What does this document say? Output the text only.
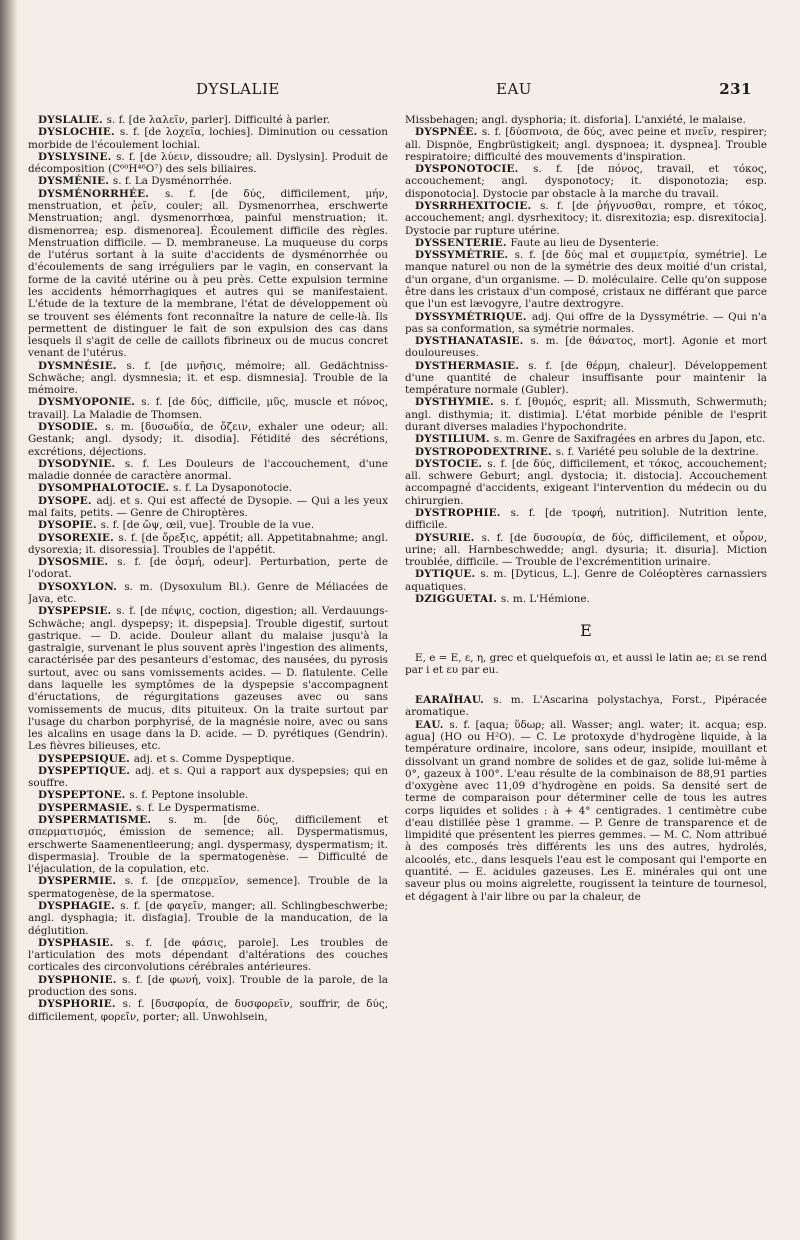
DYSLALIE	EAU	231

DYSLALIE. s. f. [de λαλεῖν, parler]. Difficulté à parler.

DYSLOCHIE. s. f. [de λοχεῖα, lochies]. Diminution ou cessation morbide de l'écoulement lochial.

DYSLYSINE. s. f. [de λύειν, dissoudre; all. Dyslysin]. Produit de décomposition (C⁶⁰H⁴⁶O⁷) des sels biliaires.

DYSMÉNIE. s. f. La Dysménorrhée.

DYSMÉNORRHÉE. s. f. [de δύς, difficilement, μήν, menstruation, et ῥεῖν, couler; all. Dysmenorrhea, erschwerte Menstruation; angl. dysmenorrhœa, painful menstruation; it. dismenorrea; esp. dismenorea]. Écoulement difficile des règles. Menstruation difficile. — D. membraneuse. La muqueuse du corps de l'utérus sortant à la suite d'accidents de dysménorrhée ou d'écoulements de sang irréguliers par le vagin, en conservant la forme de la cavité utérine ou à peu près. Cette expulsion termine les accidents hémorrhagiques et autres qui se manifestaient. L'étude de la texture de la membrane, l'état de développement où se trouvent ses éléments font reconnaître la nature de celle-là. Ils permettent de distinguer le fait de son expulsion des cas dans lesquels il s'agit de celle de caillots fibrineux ou de mucus concret venant de l'utérus.

DYSMNÉSIE. s. f. [de μνῆσις, mémoire; all. Gedächtniss-Schwäche; angl. dysmnesia; it. et esp. dismnesia]. Trouble de la mémoire.

DYSMYOPONIE. s. f. [de δύς, difficile, μῦς, muscle et πόνος, travail]. La Maladie de Thomsen.

DYSODIE. s. m. [δυσωδία, de ὄζειν, exhaler une odeur; all. Gestank; angl. dysody; it. disodia]. Fétidité des sécrétions, excrétions, déjections.

DYSODYNIE. s. f. Les Douleurs de l'accouchement, d'une maladie donnée de caractère anormal.

DYSOMPHALOTOCIE. s. f. La Dysaponotocie.

DYSOPE. adj. et s. Qui est affecté de Dysopie. — Qui a les yeux mal faits, petits. — Genre de Chiroptères.

DYSOPIE. s. f. [de ὤψ, œil, vue]. Trouble de la vue.

DYSOREXIE. s. f. [de ὄρεξις, appétit; all. Appetitabnahme; angl. dysorexia; it. disoressia]. Troubles de l'appétit.

DYSOSMIE. s. f. [de ὀσμή, odeur]. Perturbation, perte de l'odorat.

DYSOXYLON. s. m. (Dysoxulum Bl.). Genre de Méliacées de Java, etc.

DYSPEPSIE. s. f. [de πέψις, coction, digestion; all. Verdauungs-Schwäche; angl. dyspepsy; it. dispepsia]. Trouble digestif, surtout gastrique. — D. acide. Douleur allant du malaise jusqu'à la gastralgie, survenant le plus souvent après l'ingestion des aliments, caractérisée par des pesanteurs d'estomac, des nausées, du pyrosis surtout, avec ou sans vomissements acides. — D. flatulente. Celle dans laquelle les symptômes de la dyspepsie s'accompagnent d'éructations, de régurgitations gazeuses avec ou sans vomissements de mucus, dits pituiteux. On la traite surtout par l'usage du charbon porphyrisé, de la magnésie noire, avec ou sans les alcalins en usage dans la D. acide. — D. pyrétiques (Gendrin). Les fièvres bilieuses, etc.

DYSPEPSIQUE. adj. et s. Comme Dyspeptique.

DYSPEPTIQUE. adj. et s. Qui a rapport aux dyspepsies; qui en souffre.

DYSPEPTONE. s. f. Peptone insoluble.

DYSPERMASIE. s. f. Le Dyspermatisme.

DYSPERMATISME. s. m. [de δύς, difficilement et σπερματισμός, émission de semence; all. Dyspermatismus, erschwerte Saamenentleerung; angl. dyspermasy, dyspermatism; it. dispermasia]. Trouble de la spermatogenèse. — Difficulté de l'éjaculation, de la copulation, etc.

DYSPERMIE. s. f. [de σπερμεῖον, semence]. Trouble de la spermatogenèse, de la spermatose.

DYSPHAGIE. s. f. [de φαγεῖν, manger; all. Schlingbeschwerbe; angl. dysphagia; it. disfagia]. Trouble de la manducation, de la déglutition.

DYSPHASIE. s. f. [de φάσις, parole]. Les troubles de l'articulation des mots dépendant d'altérations des couches corticales des circonvolutions cérébrales antérieures.

DYSPHONIE. s. f. [de φωνή, voix]. Trouble de la parole, de la production des sons.

DYSPHORIE. s. f. [δυσφορία, de δυσφορεῖν, souffrir, de δύς, difficilement, φορεῖν, porter; all. Unwohlsein,

Missbehagen; angl. dysphoria; it. disforia]. L'anxiété, le malaise.

DYSPNÉE. s. f. [δύσπνοια, de δύς, avec peine et πνεῖν, respirer; all. Dispnöe, Engbrüstigkeit; angl. dyspnoea; it. dyspnea]. Trouble respiratoire; difficulté des mouvements d'inspiration.

DYSPONOTOCIE. s. f. [de πόνος, travail, et τόκος, accouchement; angl. dysponotocy; it. disponotozia; esp. disponotocia]. Dystocie par obstacle à la marche du travail.

DYSRRHEXITOCIE. s. f. [de ῥήγνυσθαι, rompre, et τόκος, accouchement; angl. dysrhexitocy; it. disrexitozia; esp. disrexitocia]. Dystocie par rupture utérine.

DYSSENTERIE. Faute au lieu de Dysenterie.

DYSSYMÉTRIE. s. f. [de δύς mal et συμμετρία, symétrie]. Le manque naturel ou non de la symétrie des deux moitié d'un cristal, d'un organe, d'un organisme. — D. moléculaire. Celle qu'on suppose être dans les cristaux d'un composé, cristaux ne différant que parce que l'un est lævogyre, l'autre dextrogyre.

DYSSYMÉTRIQUE. adj. Qui offre de la Dyssymétrie. — Qui n'a pas sa conformation, sa symétrie normales.

DYSTHANATASIE. s. m. [de θάνατος, mort]. Agonie et mort douloureuses.

DYSTHERMASIE. s. f. [de θέρμη, chaleur]. Développement d'une quantité de chaleur insuffisante pour maintenir la température normale (Gubler).

DYSTHYMIE. s. f. [θυμός, esprit; all. Missmuth, Schwermuth; angl. disthymia; it. distimia]. L'état morbide pénible de l'esprit durant diverses maladies l'hypochondrite.

DYSTILIUM. s. m. Genre de Saxifragées en arbres du Japon, etc.

DYSTROPODEXTRINE. s. f. Variété peu soluble de la dextrine.

DYSTOCIE. s. f. [de δύς, difficilement, et τόκος, accouchement; all. schwere Geburt; angl. dystocia; it. distocia]. Accouchement accompagné d'accidents, exigeant l'intervention du médecin ou du chirurgien.

DYSTROPHIE. s. f. [de τροφή, nutrition]. Nutrition lente, difficile.

DYSURIE. s. f. [de δυσουρία, de δύς, difficilement, et οὖρον, urine; all. Harnbeschwedde; angl. dysuria; it. disuria]. Miction troublée, difficile. — Trouble de l'excrémentition urinaire.

DYTIQUE. s. m. [Dyticus, L.]. Genre de Coléoptères carnassiers aquatiques.

DZIGGUETAI. s. m. L'Hémione.

E

E, e = E, ε, η, grec et quelquefois αι, et aussi le latin ae; ει se rend par i et ευ par eu.

EARAÏHAU. s. m. L'Ascarina polystachya, Forst., Pipéracée aromatique.

EAU. s. f. [aqua; ὕδωρ; all. Wasser; angl. water; it. acqua; esp. agua] (HO ou H²O). — C. Le protoxyde d'hydrogène liquide, à la température ordinaire, incolore, sans odeur, insipide, mouillant et dissolvant un grand nombre de solides et de gaz, solide lui-même à 0°, gazeux à 100°. L'eau résulte de la combinaison de 88,91 parties d'oxygène avec 11,09 d'hydrogène en poids. Sa densité sert de terme de comparaison pour déterminer celle de tous les autres corps liquides et solides : à + 4° centigrades. 1 centimètre cube d'eau distillée pèse 1 gramme. — P. Genre de transparence et de limpidité que présentent les pierres gemmes. — M. C. Nom attribué à des composés très différents les uns des autres, hydrolés, alcoolés, etc., dans lesquels l'eau est le composant qui l'emporte en quantité. — E. acidules gazeuses. Les E. minérales qui ont une saveur plus ou moins aigrelette, rougissent la teinture de tournesol, et dégagent à l'air libre ou par la chaleur, de
